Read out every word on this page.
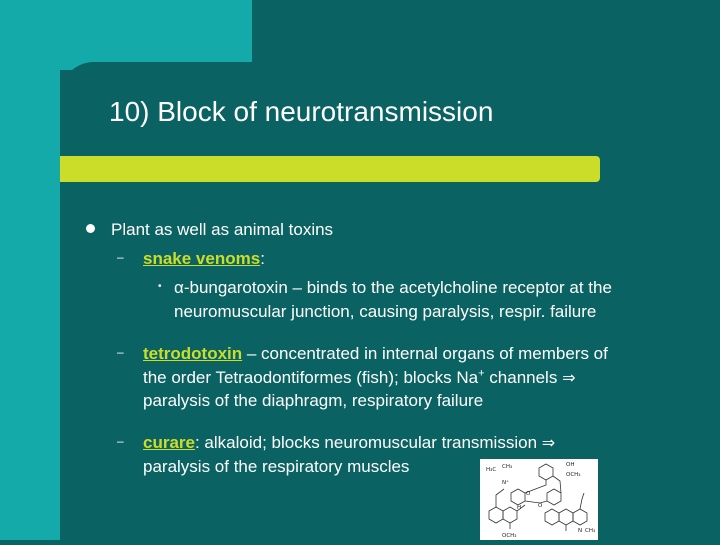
10) Block of neurotransmission
Plant as well as animal toxins
– snake venoms:
• α-bungarotoxin – binds to the acetylcholine receptor at the
neuromuscular junction, causing paralysis, respir. failure
– tetrodotoxin – concentrated in internal organs of members of
the order Tetraodontiformes (fish); blocks Na+ channels ⇒
paralysis of the diaphragm, respiratory failure
– curare: alkaloid; blocks neuromuscular transmission ⇒
paralysis of the respiratory muscles	H₃C CH₃	OH
OCH₃
N⁺
O
O
H
N CH₃
OCH₃
